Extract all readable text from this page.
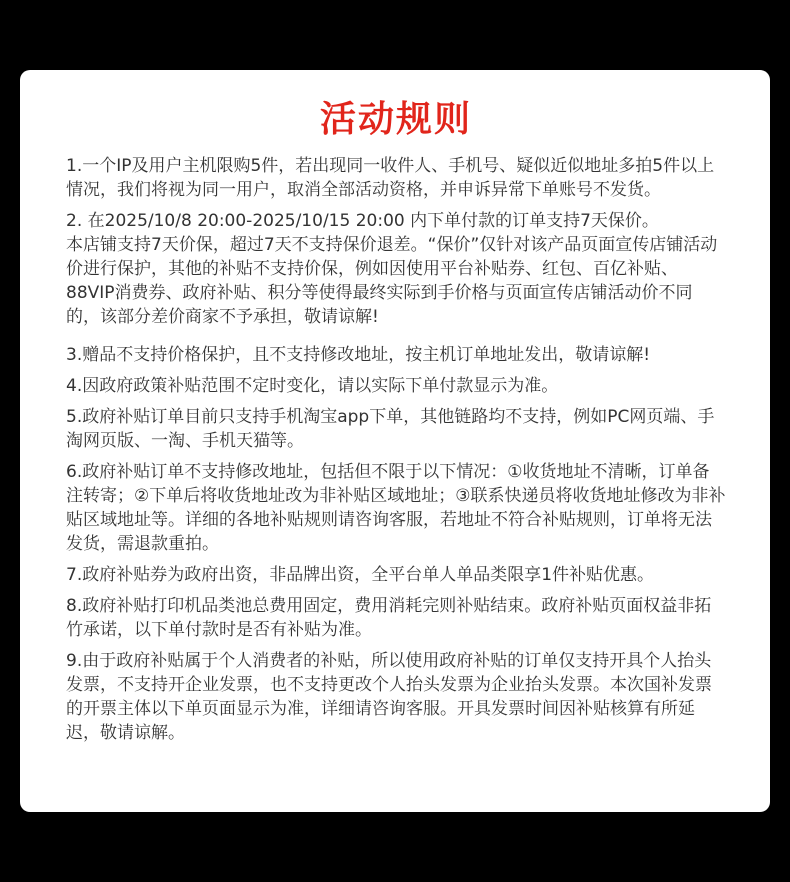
活动规则
1.一个IP及用户主机限购5件，若出现同一收件人、手机号、疑似近似地址多拍5件以上情况，我们将视为同一用户，取消全部活动资格，并申诉异常下单账号不发货。
2. 在2025/10/8 20:00-2025/10/15 20:00 内下单付款的订单支持7天保价。
本店铺支持7天价保，超过7天不支持保价退差。“保价”仅针对该产品页面宣传店铺活动价进行保护，其他的补贴不支持价保，例如因使用平台补贴券、红包、百亿补贴、88VIP消费券、政府补贴、积分等使得最终实际到手价格与页面宣传店铺活动价不同的，该部分差价商家不予承担，敬请谅解!
3.赠品不支持价格保护，且不支持修改地址，按主机订单地址发出，敬请谅解!
4.因政府政策补贴范围不定时变化，请以实际下单付款显示为准。
5.政府补贴订单目前只支持手机淘宝app下单，其他链路均不支持，例如PC网页端、手淘网页版、一淘、手机天猫等。
6.政府补贴订单不支持修改地址，包括但不限于以下情况：①收货地址不清晰，订单备注转寄；②下单后将收货地址改为非补贴区域地址；③联系快递员将收货地址修改为非补贴区域地址等。详细的各地补贴规则请咨询客服，若地址不符合补贴规则，订单将无法发货，需退款重拍。
7.政府补贴券为政府出资，非品牌出资，全平台单人单品类限享1件补贴优惠。
8.政府补贴打印机品类池总费用固定，费用消耗完则补贴结束。政府补贴页面权益非拓竹承诺，以下单付款时是否有补贴为准。
9.由于政府补贴属于个人消费者的补贴，所以使用政府补贴的订单仅支持开具个人抬头发票，不支持开企业发票，也不支持更改个人抬头发票为企业抬头发票。本次国补发票的开票主体以下单页面显示为准，详细请咨询客服。开具发票时间因补贴核算有所延迟，敬请谅解。
